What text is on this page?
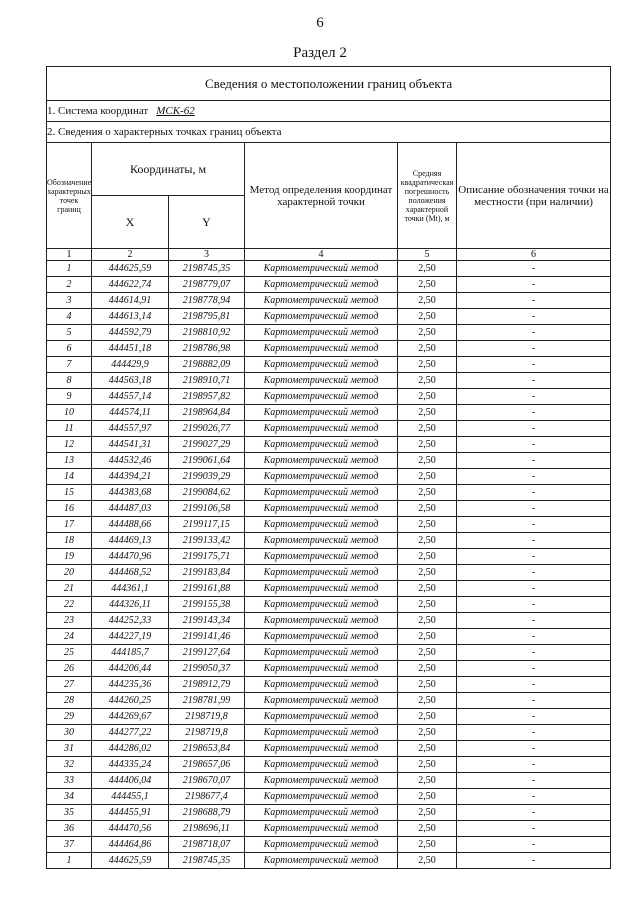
6
Раздел 2
Сведения о местоположении границ объекта					
1. Система координат МСК-62					
2. Сведения о характерных точках границ объекта					
Обозначение характерных точек границ	Координаты, м		Метод определения координат характерной точки	Средняя квадратическая погрешность положения характерной точки (Mt), м	Описание обозначения точки на местности (при наличии)
	X	Y			
1	2	3	4	5	6
1	444625,59	2198745,35	Картометрический метод	2,50	-
2	444622,74	2198779,07	Картометрический метод	2,50	-
3	444614,91	2198778,94	Картометрический метод	2,50	-
4	444613,14	2198795,81	Картометрический метод	2,50	-
5	444592,79	2198810,92	Картометрический метод	2,50	-
6	444451,18	2198786,98	Картометрический метод	2,50	-
7	444429,9	2198882,09	Картометрический метод	2,50	-
8	444563,18	2198910,71	Картометрический метод	2,50	-
9	444557,14	2198957,82	Картометрический метод	2,50	-
10	444574,11	2198964,84	Картометрический метод	2,50	-
11	444557,97	2199026,77	Картометрический метод	2,50	-
12	444541,31	2199027,29	Картометрический метод	2,50	-
13	444532,46	2199061,64	Картометрический метод	2,50	-
14	444394,21	2199039,29	Картометрический метод	2,50	-
15	444383,68	2199084,62	Картометрический метод	2,50	-
16	444487,03	2199106,58	Картометрический метод	2,50	-
17	444488,66	2199117,15	Картометрический метод	2,50	-
18	444469,13	2199133,42	Картометрический метод	2,50	-
19	444470,96	2199175,71	Картометрический метод	2,50	-
20	444468,52	2199183,84	Картометрический метод	2,50	-
21	444361,1	2199161,88	Картометрический метод	2,50	-
22	444326,11	2199155,38	Картометрический метод	2,50	-
23	444252,33	2199143,34	Картометрический метод	2,50	-
24	444227,19	2199141,46	Картометрический метод	2,50	-
25	444185,7	2199127,64	Картометрический метод	2,50	-
26	444206,44	2199050,37	Картометрический метод	2,50	-
27	444235,36	2198912,79	Картометрический метод	2,50	-
28	444260,25	2198781,99	Картометрический метод	2,50	-
29	444269,67	2198719,8	Картометрический метод	2,50	-
30	444277,22	2198719,8	Картометрический метод	2,50	-
31	444286,02	2198653,84	Картометрический метод	2,50	-
32	444335,24	2198657,06	Картометрический метод	2,50	-
33	444406,04	2198670,07	Картометрический метод	2,50	-
34	444455,1	2198677,4	Картометрический метод	2,50	-
35	444455,91	2198688,79	Картометрический метод	2,50	-
36	444470,56	2198696,11	Картометрический метод	2,50	-
37	444464,86	2198718,07	Картометрический метод	2,50	-
1	444625,59	2198745,35	Картометрический метод	2,50	-
